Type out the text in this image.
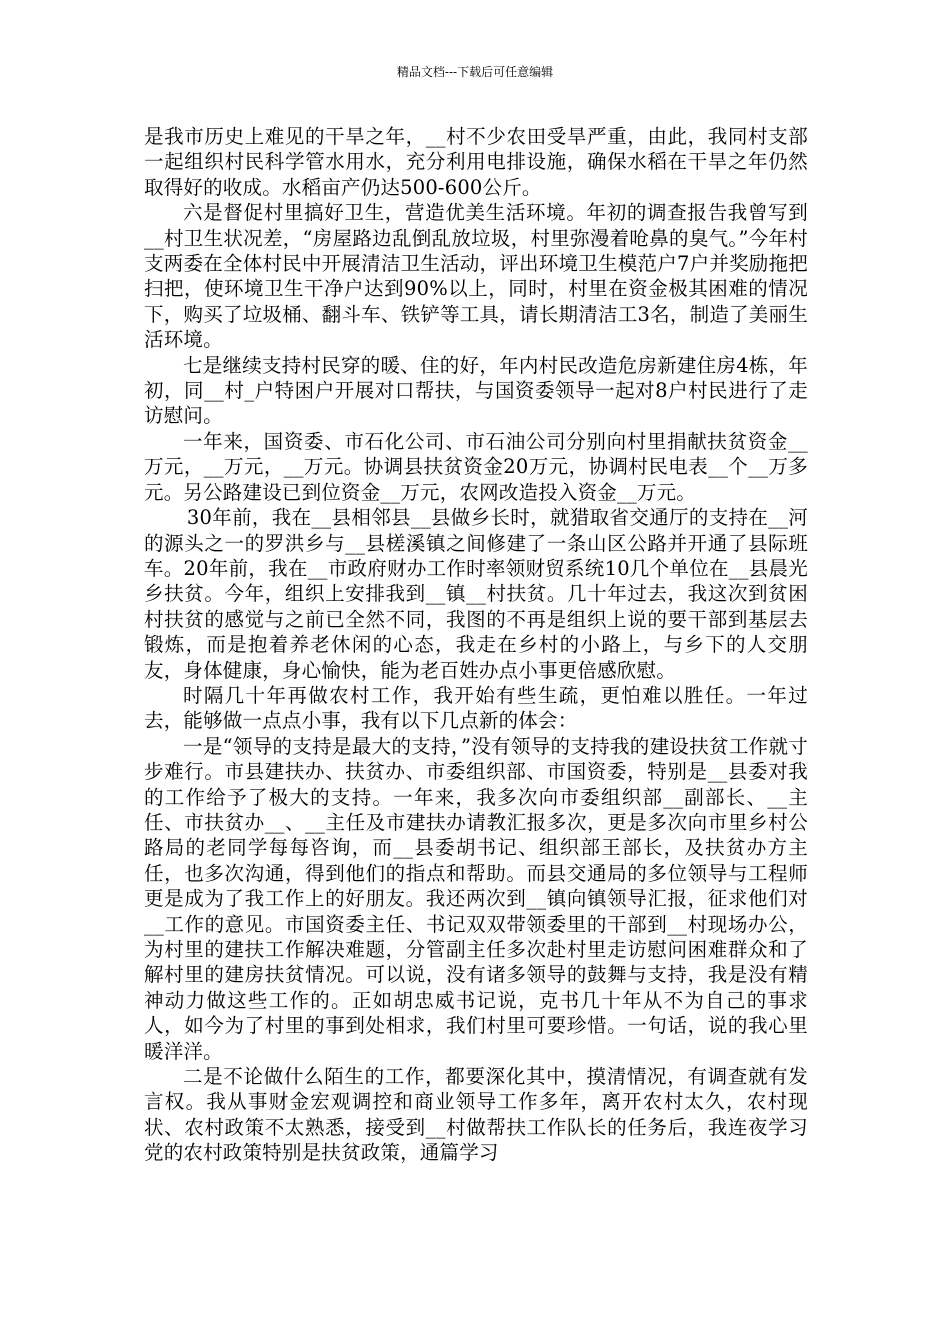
精品文档---下载后可任意编辑

是我市历史上难见的干旱之年，__村不少农田受旱严重，由此，我同村支部一起组织村民科学管水用水，充分利用电排设施，确保水稻在干旱之年仍然取得好的收成。水稻亩产仍达500-600公斤。

六是督促村里搞好卫生，营造优美生活环境。年初的调查报告我曾写到__村卫生状况差，“房屋路边乱倒乱放垃圾，村里弥漫着呛鼻的臭气。”今年村支两委在全体村民中开展清洁卫生活动，评出环境卫生模范户7户并奖励拖把扫把，使环境卫生干净户达到90%以上，同时，村里在资金极其困难的情况下，购买了垃圾桶、翻斗车、铁铲等工具，请长期清洁工3名，制造了美丽生活环境。

七是继续支持村民穿的暖、住的好，年内村民改造危房新建住房4栋，年初，同__村_户特困户开展对口帮扶，与国资委领导一起对8户村民进行了走访慰问。

一年来，国资委、市石化公司、市石油公司分别向村里捐献扶贫资金__万元，__万元，__万元。协调县扶贫资金20万元，协调村民电表__个__万多元。另公路建设已到位资金__万元，农网改造投入资金__万元。

30年前，我在__县相邻县__县做乡长时，就猎取省交通厅的支持在__河的源头之一的罗洪乡与__县槎溪镇之间修建了一条山区公路并开通了县际班车。20年前，我在__市政府财办工作时率领财贸系统10几个单位在__县晨光乡扶贫。今年，组织上安排我到__镇__村扶贫。几十年过去，我这次到贫困村扶贫的感觉与之前已全然不同，我图的不再是组织上说的要干部到基层去锻炼，而是抱着养老休闲的心态，我走在乡村的小路上，与乡下的人交朋友，身体健康，身心愉快，能为老百姓办点小事更倍感欣慰。

时隔几十年再做农村工作，我开始有些生疏，更怕难以胜任。一年过去，能够做一点点小事，我有以下几点新的体会：

一是“领导的支持是最大的支持，”没有领导的支持我的建设扶贫工作就寸步难行。市县建扶办、扶贫办、市委组织部、市国资委，特别是__县委对我的工作给予了极大的支持。一年来，我多次向市委组织部__副部长、__主任、市扶贫办__、__主任及市建扶办请教汇报多次，更是多次向市里乡村公路局的老同学每每咨询，而__县委胡书记、组织部王部长，及扶贫办方主任，也多次沟通，得到他们的指点和帮助。而县交通局的多位领导与工程师更是成为了我工作上的好朋友。我还两次到__镇向镇领导汇报，征求他们对__工作的意见。市国资委主任、书记双双带领委里的干部到__村现场办公，为村里的建扶工作解决难题，分管副主任多次赴村里走访慰问困难群众和了解村里的建房扶贫情况。可以说，没有诸多领导的鼓舞与支持，我是没有精神动力做这些工作的。正如胡忠威书记说，克书几十年从不为自己的事求人，如今为了村里的事到处相求，我们村里可要珍惜。一句话，说的我心里暖洋洋。

二是不论做什么陌生的工作，都要深化其中，摸清情况，有调查就有发言权。我从事财金宏观调控和商业领导工作多年，离开农村太久，农村现状、农村政策不太熟悉，接受到__村做帮扶工作队长的任务后，我连夜学习党的农村政策特别是扶贫政策，通篇学习
